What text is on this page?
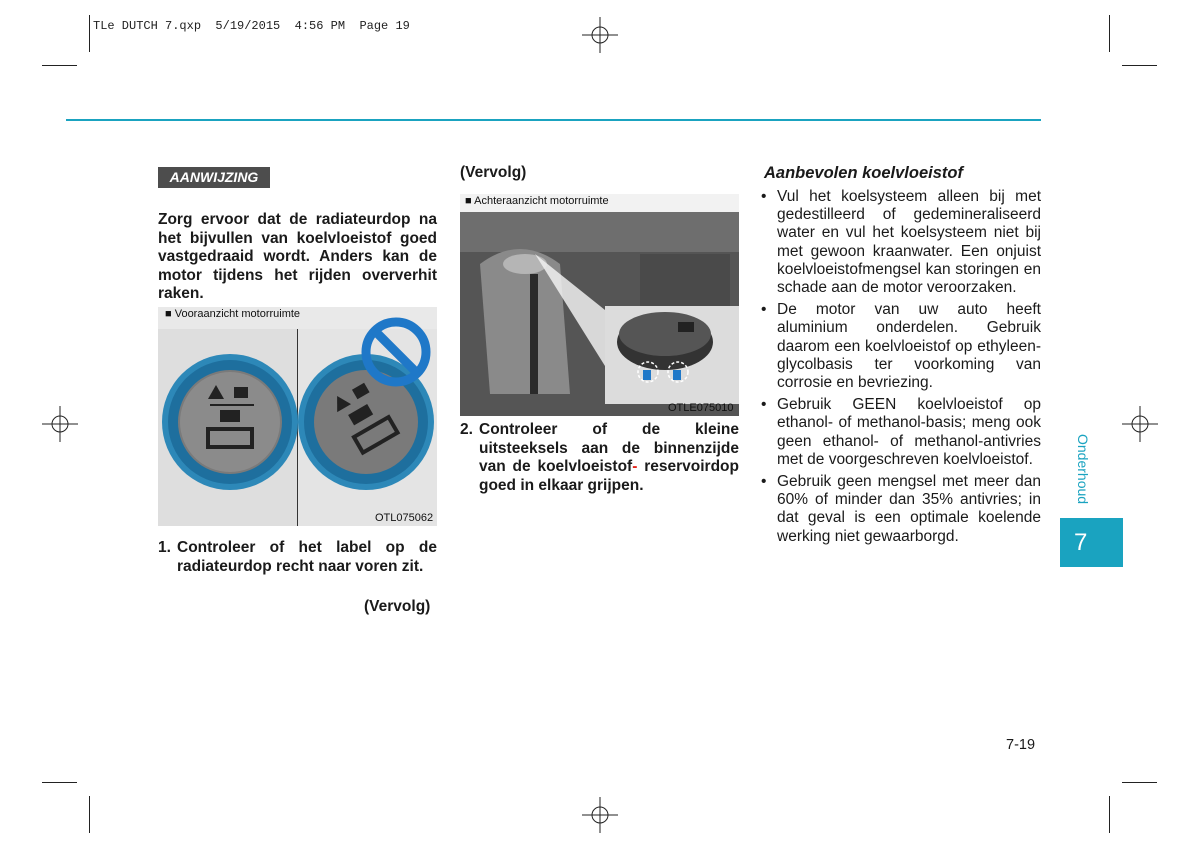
TLe DUTCH 7.qxp  5/19/2015  4:56 PM  Page 19
AANWIJZING
Zorg ervoor dat de radiateurdop na het bijvullen van koelvloeistof goed vastgedraaid wordt. Anders kan de motor tijdens het rijden oververhit raken.
■ Vooraanzicht motorruimte
OTL075062
1. Controleer of het label op de radiateurdop recht naar voren zit.
(Vervolg)
(Vervolg)
■ Achteraanzicht motorruimte
OTLE075010
2. Controleer of de kleine uitsteeksels aan de binnenzijde van de koelvloeistof- reservoirdop goed in elkaar grijpen.
Aanbevolen koelvloeistof
• Vul het koelsysteem alleen bij met gedestilleerd of gedemineraliseerd water en vul het koelsysteem niet bij met gewoon kraanwater. Een onjuist koelvloeistofmengsel kan storingen en schade aan de motor veroorzaken.
• De motor van uw auto heeft aluminium onderdelen. Gebruik daarom een koelvloeistof op ethyleen-glycolbasis ter voorkoming van corrosie en bevriezing.
• Gebruik GEEN koelvloeistof op ethanol- of methanol-basis; meng ook geen ethanol- of methanol-antivries met de voorgeschreven koelvloeistof.
• Gebruik geen mengsel met meer dan 60% of minder dan 35% antivries; in dat geval is een optimale koelende werking niet gewaarborgd.
Onderhoud
7
7-19
